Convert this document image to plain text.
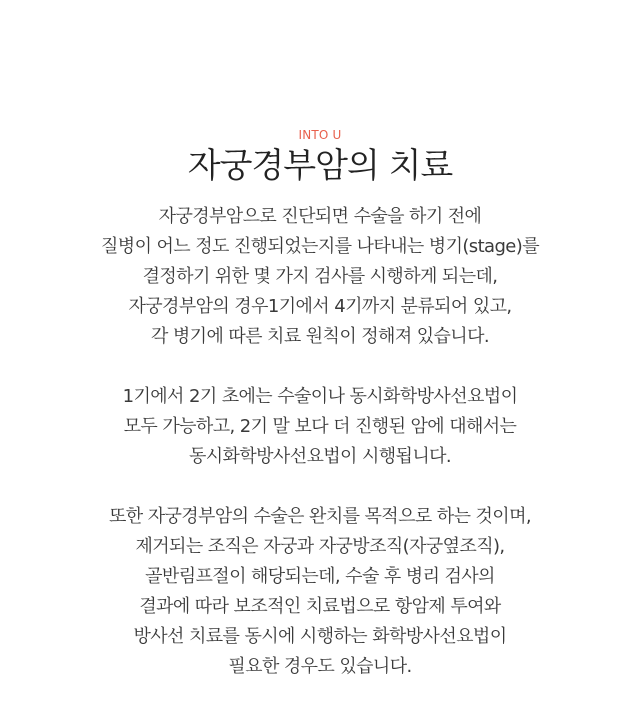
INTO U
자궁경부암의 치료

자궁경부암으로 진단되면 수술을 하기 전에
질병이 어느 정도 진행되었는지를 나타내는 병기(stage)를
결정하기 위한 몇 가지 검사를 시행하게 되는데,
자궁경부암의 경우1기에서 4기까지 분류되어 있고,
각 병기에 따른 치료 원칙이 정해져 있습니다.

1기에서 2기 초에는 수술이나 동시화학방사선요법이
모두 가능하고, 2기 말 보다 더 진행된 암에 대해서는
동시화학방사선요법이 시행됩니다.

또한 자궁경부암의 수술은 완치를 목적으로 하는 것이며,
제거되는 조직은 자궁과 자궁방조직(자궁옆조직),
골반림프절이 해당되는데, 수술 후 병리 검사의
결과에 따라 보조적인 치료법으로 항암제 투여와
방사선 치료를 동시에 시행하는 화학방사선요법이
필요한 경우도 있습니다.
